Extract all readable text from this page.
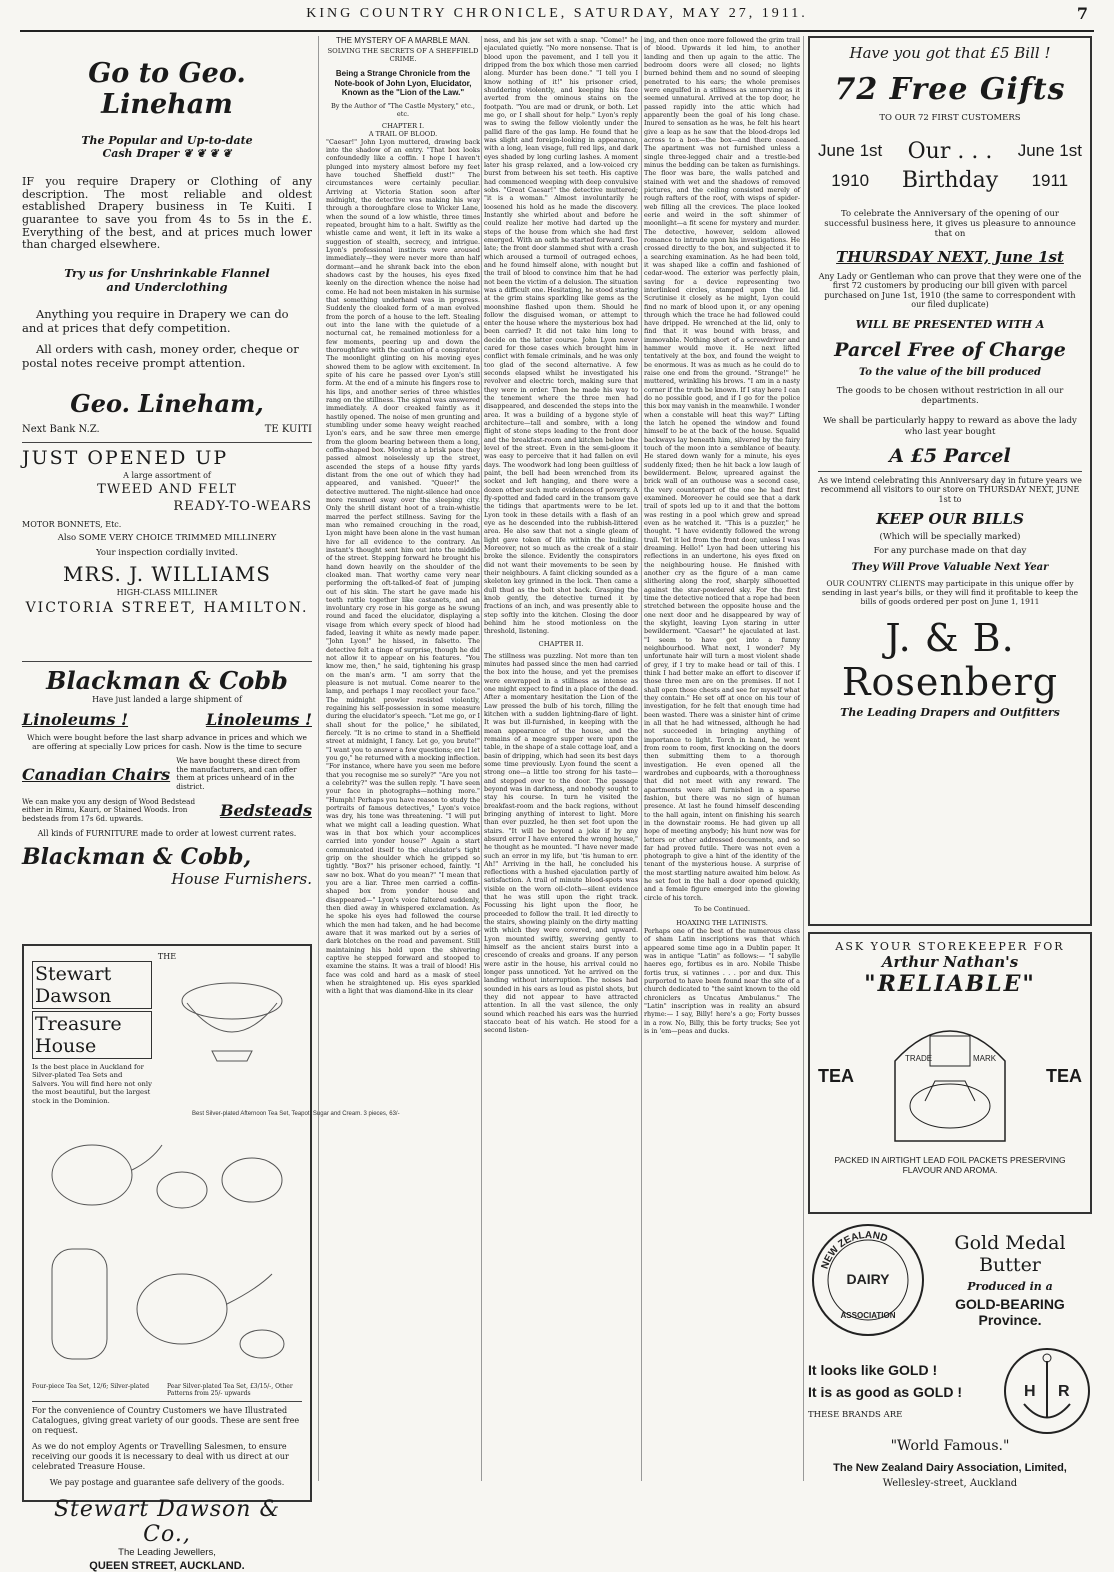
KING COUNTRY CHRONICLE, SATURDAY, MAY 27, 1911.	7
Go to Geo. Lineham
The Popular and Up-to-date
Cash Draper ❦ ❦ ❦ ❦

IF you require Drapery or Clothing of any description. The most reliable and oldest established Drapery business in Te Kuiti. I guarantee to save you from 4s to 5s in the £. Everything of the best, and at prices much lower than charged elsewhere.

Try us for Unshrinkable Flannel
and Underclothing

Anything you require in Drapery we can do and at prices that defy competition.

All orders with cash, money order, cheque or postal notes receive prompt attention.

Geo. Lineham,
Next Bank N.Z.	TE KUITI
JUST OPENED UP
A large assortment of
TWEED AND FELT
READY-TO-WEARS
MOTOR BONNETS, Etc.
Also SOME VERY CHOICE TRIMMED MILLINERY
Your inspection cordially invited.
MRS. J. WILLIAMS
HIGH-CLASS MILLINER
VICTORIA STREET, HAMILTON.
Blackman & Cobb
Have just landed a large shipment of
Linoleums !	Linoleums !

Which were bought before the last sharp advance in prices and which we are offering at specially Low prices for cash. Now is the time to secure

Canadian Chairs
We have bought these direct from the manufacturers, and can offer them at prices unheard of in the district.
We can make you any design of Wood Bedstead either in Rimu, Kauri, or Stained Woods. Iron bedsteads from 17s 6d. upwards.	Bedsteads
All kinds of FURNITURE made to order at lowest current rates.
Blackman & Cobb,
House Furnishers.
THE
Stewart Dawson
Treasure House

Is the best place in Auckland for Silver-plated Tea Sets and Salvers. You will find here not only the most beautiful, but the largest stock in the Dominion.

Best Silver-plated Afternoon Tea Set, Teapot, Sugar and Cream. 3 pieces, 63/-

Four-piece Tea Set, 12/6; Silver-plated	Pear Silver-plated Tea Set, £3/15/-, Other Patterns from 25/- upwards

For the convenience of Country Customers we have Illustrated Catalogues, giving great variety of our goods. These are sent free on request.

As we do not employ Agents or Travelling Salesmen, to ensure receiving our goods it is necessary to deal with us direct at our celebrated Treasure House.

We pay postage and guarantee safe delivery of the goods.

Stewart Dawson & Co.,
The Leading Jewellers,
QUEEN STREET, AUCKLAND.
THE MYSTERY OF A MARBLE MAN.
SOLVING THE SECRETS OF A SHEFFIELD CRIME.
Being a Strange Chronicle from the Note-book of John Lyon, Elucidator, Known as the "Lion of the Law."
By the Author of "The Castle Mystery," etc., etc.
CHAPTER I.
A TRAIL OF BLOOD.

"Caesar!" John Lyon muttered, drawing back into the shadow of an entry. "That box looks confoundedly like a coffin. I hope I haven't plunged into mystery almost before my feet have touched Sheffield dust!" The circumstances were certainly peculiar. Arriving at Victoria Station soon after midnight, the detective was making his way through a thoroughfare close to Wicker Lane, when the sound of a low whistle, three times repeated, brought him to a halt. Swiftly as the whistle came and went, it left in its wake a suggestion of stealth, secrecy, and intrigue. Lyon's professional instincts were aroused immediately—they were never more than half dormant—and he shrank back into the ebon shadows cast by the houses, his eyes fixed keenly on the direction whence the noise had come. He had not been mistaken in his surmise that something underhand was in progress. Suddenly the cloaked form of a man evolved from the porch of a house to the left. Stealing out into the lane with the quietude of a nocturnal cat, he remained motionless for a few moments, peering up and down the thoroughfare with the caution of a conspirator. The moonlight glinting on his moving eyes showed them to be aglow with excitement. In spite of his care he passed over Lyon's still form. At the end of a minute his fingers rose to his lips, and another series of three whistles rang on the stillness. The signal was answered immediately. A door creaked faintly as it hastily opened. The noise of men grunting and stumbling under some heavy weight reached Lyon's ears, and he saw three men emerge from the gloom bearing between them a long, coffin-shaped box. Moving at a brisk pace they passed almost noiselessly up the street, ascended the steps of a house fifty yards distant from the one out of which they had appeared, and vanished. "Queer!" the detective muttered. The night-silence had once more resumed sway over the sleeping city. Only the shrill distant hoot of a train-whistle marred the perfect stillness. Saving for the man who remained crouching in the road, Lyon might have been alone in the vast human hive for all evidence to the contrary. An instant's thought sent him out into the middle of the street. Stepping forward he brought his hand down heavily on the shoulder of the cloaked man. That worthy came very near performing the oft-talked-of feat of jumping out of his skin. The start he gave made his teeth rattle together like castanets, and an involuntary cry rose in his gorge as he swung round and faced the elucidator, displaying a visage from which every speck of blood had faded, leaving it white as newly made paper. "John Lyon!" he hissed, in falsetto. The detective felt a tinge of surprise, though he did not allow it to appear on his features. "You know me, then," he said, tightening his grasp on the man's arm. "I am sorry that the pleasure is not mutual. Come nearer to the lamp, and perhaps I may recollect your face." The midnight prowler resisted violently, regaining his self-possession in some measure during the elucidator's speech. "Let me go, or I shall shout for the police," he sibilated, fiercely. "It is no crime to stand in a Sheffield street at midnight, I fancy. Let go, you brute!" "I want you to answer a few questions; ere I let you go," he returned with a mocking inflection. "For instance, where have you seen me before that you recognise me so surely?" "Are you not a celebrity?" was the sullen reply. "I have seen your face in photographs—nothing more." "Humph! Perhaps you have reason to study the portraits of famous detectives," Lyon's voice was dry, his tone was threatening. "I will put what we might call a leading question. What was in that box which your accomplices carried into yonder house?" Again a start communicated itself to the elucidator's tight grip on the shoulder which he gripped so tightly. "Box?" his prisoner echoed, faintly. "I saw no box. What do you mean?" "I mean that you are a liar. Three men carried a coffin-shaped box from yonder house and disappeared—" Lyon's voice faltered suddenly, then died away in whispered exclamation. As he spoke his eyes had followed the course which the men had taken, and he had become aware that it was marked out by a series of dark blotches on the road and pavement. Still maintaining his hold upon the shivering captive he stepped forward and stooped to examine the stains. It was a trail of blood! His face was cold and hard as a mask of steel when he straightened up. His eyes sparkled with a light that was diamond-like in its clear

ness, and his jaw set with a snap. "Come!" he ejaculated quietly. "No more nonsense. That is blood upon the pavement, and I tell you it dripped from the box which those men carried along. Murder has been done." "I tell you I know nothing of it!" his prisoner cried, shuddering violently, and keeping his face averted from the ominous stains on the footpath. "You are mad or drunk, or both. Let me go, or I shall shout for help." Lyon's reply was to swing the fellow violently under the pallid flare of the gas lamp. He found that he was slight and foreign-looking in appearance, with a long, lean visage, full red lips, and dark eyes shaded by long curling lashes. A moment later his grasp relaxed, and a low-voiced cry burst from between his set teeth. His captive had commenced weeping with deep convulsive sobs. "Great Caesar!" the detective muttered; "it is a woman." Almost involuntarily he loosened his hold as he made the discovery. Instantly she whirled about and before he could realize her motive had darted up the steps of the house from which she had first emerged. With an oath he started forward. Too late; the front door slammed shut with a crash which aroused a turmoil of outraged echoes, and he found himself alone, with nought but the trail of blood to convince him that he had not been the victim of a delusion. The situation was a difficult one. Hesitating, he stood staring at the grim stains sparkling like gems as the moonshine flashed upon them. Should he follow the disguised woman, or attempt to enter the house where the mysterious box had been carried? It did not take him long to decide on the latter course. John Lyon never cared for those cases which brought him in conflict with female criminals, and he was only too glad of the second alternative. A few seconds elapsed whilst he investigated his revolver and electric torch, making sure that they were in order. Then he made his way to the tenement where the three men had disappeared, and descended the steps into the area. It was a building of a bygone style of architecture—tall and sombre, with a long flight of stone steps leading to the front door and the breakfast-room and kitchen below the level of the street. Even in the semi-gloom it was easy to perceive that it had fallen on evil days. The woodwork had long been guiltless of paint, the bell had been wrenched from its socket and left hanging, and there were a dozen other such mute evidences of poverty. A fly-spotted and faded card in the transom gave the tidings that apartments were to be let. Lyon took in these details with a flash of an eye as he descended into the rubbish-littered area. He also saw that not a single gleam of light gave token of life within the building. Moreover, not so much as the creak of a stair broke the silence. Evidently the conspirators did not want their movements to be seen by their neighbours. A faint clicking sounded as a skeleton key grinned in the lock. Then came a dull thud as the bolt shot back. Grasping the knob gently, the detective turned it by fractions of an inch, and was presently able to step softly into the kitchen. Closing the door behind him he stood motionless on the threshold, listening.

CHAPTER II.

The stillness was puzzling. Not more than ten minutes had passed since the men had carried the box into the house, and yet the premises were enwrapped in a stillness as intense as one might expect to find in a place of the dead. After a momentary hesitation the Lion of the Law pressed the bulb of his torch, filling the kitchen with a sudden lightning-flare of light. It was but ill-furnished, in keeping with the mean appearance of the house, and the remains of a meagre supper were upon the table, in the shape of a stale cottage loaf, and a basin of dripping, which had seen its best days some time previously. Lyon found the scent a strong one—a little too strong for his taste—and stepped over to the door. The passage beyond was in darkness, and nobody sought to stay his course. In turn he visited the breakfast-room and the back regions, without bringing anything of interest to light. More than ever puzzled, he then set foot upon the stairs. "It will be beyond a joke if by any absurd error I have entered the wrong house," he thought as he mounted. "I have never made such an error in my life, but 'tis human to err. Ah!" Arriving in the hall, he concluded his reflections with a hushed ejaculation partly of satisfaction. A trail of minute blood-spots was visible on the worn oil-cloth—silent evidence that he was still upon the right track. Focussing his light upon the floor, he proceeded to follow the trail. It led directly to the stairs, showing plainly on the dirty matting with which they were covered, and upward. Lyon mounted swiftly, swerving gently to himself as the ancient stairs burst into a crescendo of creaks and groans. If any person were astir in the house, his arrival could no longer pass unnoticed. Yet he arrived on the landing without interruption. The noises had sounded in his ears as loud as pistol shots, but they did not appear to have attracted attention. In all the vast silence, the only sound which reached his ears was the hurried staccato beat of his watch. He stood for a second listen-

ing, and then once more followed the grim trail of blood. Upwards it led him, to another landing and then up again to the attic. The bedroom doors were all closed; no lights burned behind them and no sound of sleeping penetrated to his ears; the whole premises were engulfed in a stillness as unnerving as it seemed unnatural. Arrived at the top door, he passed rapidly into the attic which had apparently been the goal of his long chase. Inured to sensation as he was, he felt his heart give a leap as he saw that the blood-drops led across to a box—the box—and there ceased. The apartment was not furnished unless a single three-legged chair and a trestle-bed minus the bedding can be taken as furnishings. The floor was bare, the walls patched and stained with wet and the shadows of removed pictures, and the ceiling consisted merely of rough rafters of the roof, with wisps of spider-web filling all the crevices. The place looked eerie and weird in the soft shimmer of moonlight—a fit scene for mystery and murder. The detective, however, seldom allowed romance to intrude upon his investigations. He crossed directly to the box, and subjected it to a searching examination. As he had been told, it was shaped like a coffin and fashioned of cedar-wood. The exterior was perfectly plain, saving for a device representing two interlinked circles, stamped upon the lid. Scrutinise it closely as he might, Lyon could find no mark of blood upon it, or any opening through which the trace he had followed could have dripped. He wrenched at the lid, only to find that it was bound with brass, and immovable. Nothing short of a screwdriver and hammer would move it. He next lifted tentatively at the box, and found the weight to be enormous. It was as much as he could do to raise one end from the ground. "Strange!" he muttered, wrinkling his brows. "I am in a nasty corner if the truth be known. If I stay here I can do no possible good, and if I go for the police this box may vanish in the meanwhile. I wonder when a constable will heat this way?" Lifting the latch he opened the window and found himself to be at the back of the house. Squalid backways lay beneath him, silvered by the fairy touch of the moon into a semblance of beauty. He stared down wanly for a minute, his eyes suddenly fixed; then he hit back a low laugh of bewilderment. Below, upreared against the brick wall of an outhouse was a second case, the very counterpart of the one he had first examined. Moreover he could see that a dark trail of spots led up to it and that the bottom was resting in a pool which grew and spread even as he watched it. "This is a puzzler," he thought. "I have evidently followed the wrong trail. Yet it led from the front door, unless I was dreaming. Hello!" Lyon had been uttering his reflections in an undertone, his eyes fixed on the neighbouring house. He finished with another cry as the figure of a man came slithering along the roof, sharply silhouetted against the star-powdered sky. For the first time the detective noticed that a rope had been stretched between the opposite house and the one next door and he disappeared by way of the skylight, leaving Lyon staring in utter bewilderment. "Caesar!" he ejaculated at last. "I seem to have got into a funny neighbourhood. What next, I wonder? My unfortunate hair will turn a most violent shade of grey, if I try to make head or tail of this. I think I had better make an effort to discover if those three men are on the premises. If not I shall open those chests and see for myself what they contain." He set off at once on his tour of investigation, for he felt that enough time had been wasted. There was a sinister hint of crime in all that he had witnessed, although he had not succeeded in bringing anything of importance to light. Torch in hand, he went from room to room, first knocking on the doors then submitting them to a thorough investigation. He even opened all the wardrobes and cupboards, with a thoroughness that did not meet with any reward. The apartments were all furnished in a sparse fashion, but there was no sign of human presence. At last he found himself descending to the hall again, intent on finishing his search in the downstair rooms. He had given up all hope of meeting anybody; his hunt now was for letters or other addressed documents, and so far had proved futile. There was not even a photograph to give a hint of the identity of the tenant of the mysterious house. A surprise of the most startling nature awaited him below. As he set foot in the hall a door opened quickly, and a female figure emerged into the glowing circle of his torch.

To be Continued.
HOAXING THE LATINISTS.

Perhaps one of the best of the numerous class of sham Latin inscriptions was that which appeared some time ago in a Dublin paper. It was in antique "Latin" as follows:— "I sabylle haeres ego, fortibus es in aro. Nobile Thisbe fortis trux, si vatinnes . . . por and dux. This purported to have been found near the site of a church dedicated to "the saint known to the old chroniclers as Uncatus Ambulanus." The "Latin" inscription was in reality an absurd rhyme:— I say, Billy! here's a go; Forty busses in a row. No, Billy, this be forty trucks; See yot is in 'em—peas and ducks.

Have you got that £5 Bill !
72 Free Gifts
TO OUR 72 FIRST CUSTOMERS
June 1st
1910
Our . . .
Birthday
June 1st
1911

To celebrate the Anniversary of the opening of our successful business here, it gives us pleasure to announce that on

THURSDAY NEXT, June 1st

Any Lady or Gentleman who can prove that they were one of the first 72 customers by producing our bill given with parcel purchased on June 1st, 1910 (the same to correspondent with our filed duplicate)

WILL BE PRESENTED WITH A
Parcel Free of Charge
To the value of the bill produced

The goods to be chosen without restriction in all our departments.

We shall be particularly happy to reward as above the lady who last year bought

A £5 Parcel

As we intend celebrating this Anniversary day in future years we recommend all visitors to our store on THURSDAY NEXT, JUNE 1st to

KEEP OUR BILLS
(Which will be specially marked)
For any purchase made on that day
They Will Prove Valuable Next Year

OUR COUNTRY CLIENTS may participate in this unique offer by sending in last year's bills, or they will find it profitable to keep the bills of goods ordered per post on June 1, 1911

J. & B. Rosenberg
The Leading Drapers and Outfitters
ASK YOUR STOREKEEPER FOR
Arthur Nathan's
"RELIABLE"
TEA
TRADE	MARK
TEA
PACKED IN AIRTIGHT LEAD FOIL PACKETS PRESERVING FLAVOUR AND AROMA.
NEW ZEALAND
DAIRY
ASSOCIATION
Gold Medal
Butter
Produced in a
GOLD-BEARING Province.
It looks like GOLD !
It is as good as GOLD !
THESE BRANDS ARE
H R
"World Famous."
The New Zealand Dairy Association, Limited,
Wellesley-street, Auckland
